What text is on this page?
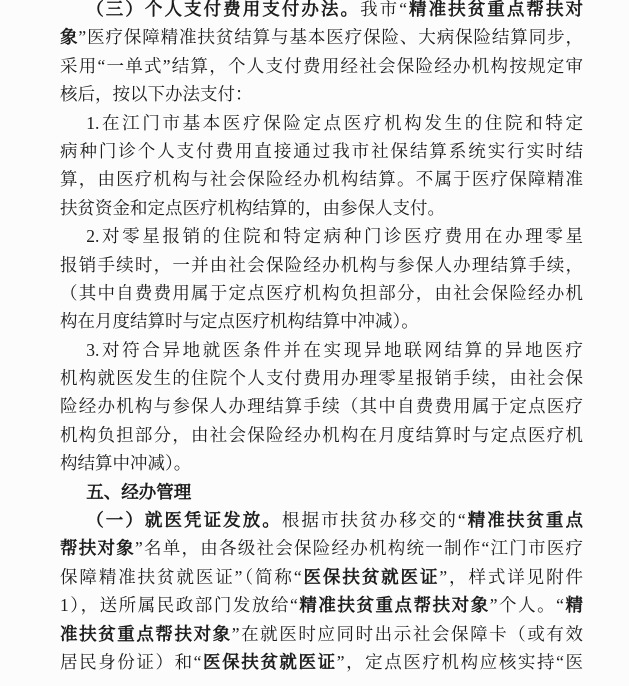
（三）个人支付费用支付办法。我市“精准扶贫重点帮扶对
象”医疗保障精准扶贫结算与基本医疗保险、大病保险结算同步，
采用“一单式”结算，个人支付费用经社会保险经办机构按规定审
核后，按以下办法支付：
1.在江门市基本医疗保险定点医疗机构发生的住院和特定
病种门诊个人支付费用直接通过我市社保结算系统实行实时结
算，由医疗机构与社会保险经办机构结算。不属于医疗保障精准
扶贫资金和定点医疗机构结算的，由参保人支付。
2.对零星报销的住院和特定病种门诊医疗费用在办理零星
报销手续时，一并由社会保险经办机构与参保人办理结算手续，
（其中自费费用属于定点医疗机构负担部分，由社会保险经办机
构在月度结算时与定点医疗机构结算中冲减）。
3.对符合异地就医条件并在实现异地联网结算的异地医疗
机构就医发生的住院个人支付费用办理零星报销手续，由社会保
险经办机构与参保人办理结算手续（其中自费费用属于定点医疗
机构负担部分，由社会保险经办机构在月度结算时与定点医疗机
构结算中冲减）。
五、经办管理
（一）就医凭证发放。根据市扶贫办移交的“精准扶贫重点
帮扶对象”名单，由各级社会保险经办机构统一制作“江门市医疗
保障精准扶贫就医证”（简称“医保扶贫就医证”，样式详见附件
1），送所属民政部门发放给“精准扶贫重点帮扶对象”个人。“精
准扶贫重点帮扶对象”在就医时应同时出示社会保障卡（或有效
居民身份证）和“医保扶贫就医证”，定点医疗机构应核实持“医
